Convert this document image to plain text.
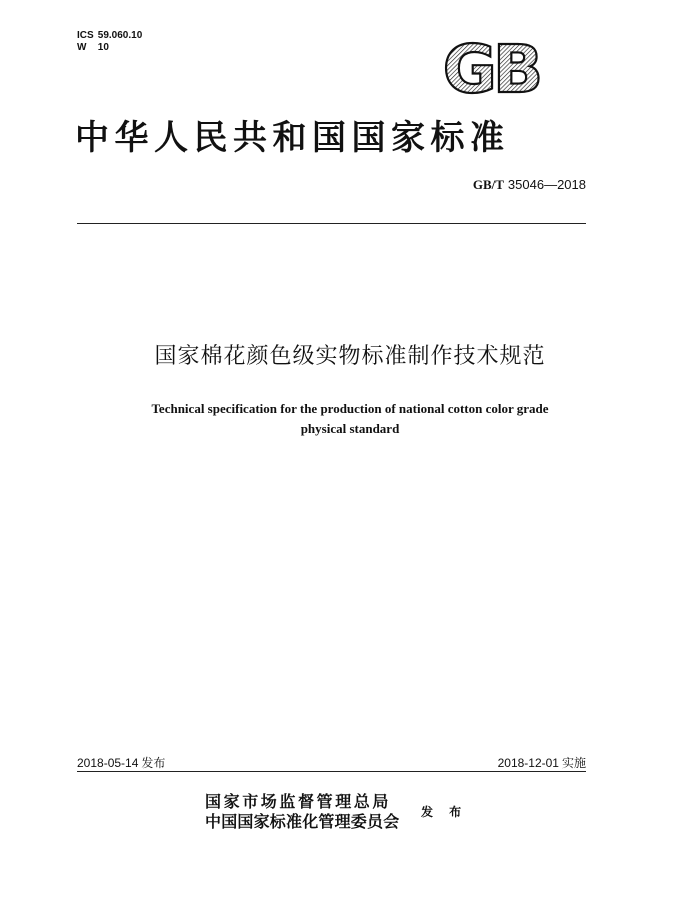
ICS 59.060.10
W 10	GB
中华人民共和国国家标准
GB/T 35046—2018
国家棉花颜色级实物标准制作技术规范
Technical specification for the production of national cotton color grade
physical standard
2018-05-14 发布	2018-12-01 实施
国家市场监督管理总局
中国国家标准化管理委员会 发 布
